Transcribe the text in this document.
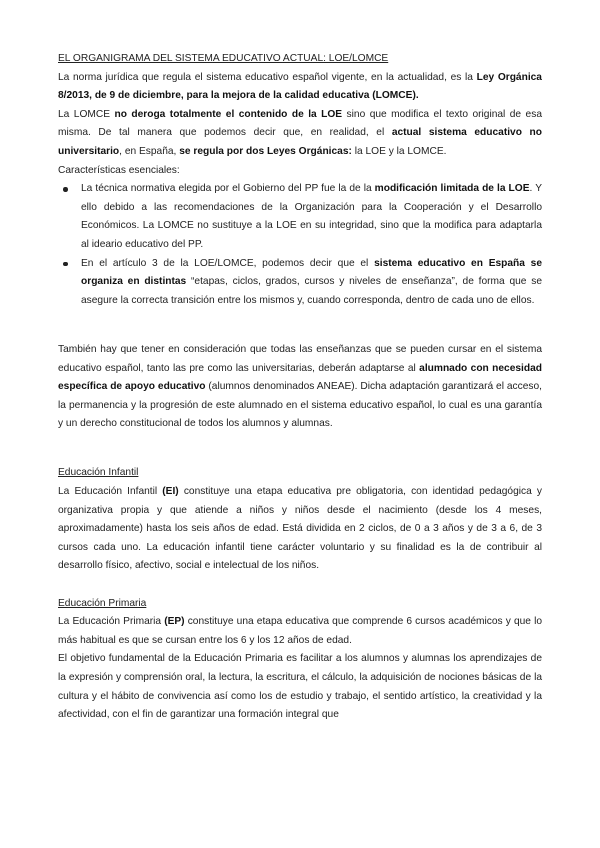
EL ORGANIGRAMA DEL SISTEMA EDUCATIVO ACTUAL: LOE/LOMCE

La norma jurídica que regula el sistema educativo español vigente, en la actualidad, es la Ley Orgánica 8/2013, de 9 de diciembre, para la mejora de la calidad educativa (LOMCE).

La LOMCE no deroga totalmente el contenido de la LOE sino que modifica el texto original de esa misma. De tal manera que podemos decir que, en realidad, el actual sistema educativo no universitario, en España, se regula por dos Leyes Orgánicas: la LOE y la LOMCE.

Características esenciales:

La técnica normativa elegida por el Gobierno del PP fue la de la modificación limitada de la LOE. Y ello debido a las recomendaciones de la Organización para la Cooperación y el Desarrollo Económicos. La LOMCE no sustituye a la LOE en su integridad, sino que la modifica para adaptarla al ideario educativo del PP.
En el artículo 3 de la LOE/LOMCE, podemos decir que el sistema educativo en España se organiza en distintas “etapas, ciclos, grados, cursos y niveles de enseñanza”, de forma que se asegure la correcta transición entre los mismos y, cuando corresponda, dentro de cada uno de ellos.

También hay que tener en consideración que todas las enseñanzas que se pueden cursar en el sistema educativo español, tanto las pre como las universitarias, deberán adaptarse al alumnado con necesidad específica de apoyo educativo (alumnos denominados ANEAE). Dicha adaptación garantizará el acceso, la permanencia y la progresión de este alumnado en el sistema educativo español, lo cual es una garantía y un derecho constitucional de todos los alumnos y alumnas.

Educación Infantil

La Educación Infantil (EI) constituye una etapa educativa pre obligatoria, con identidad pedagógica y organizativa propia y que atiende a niños y niños desde el nacimiento (desde los 4 meses, aproximadamente) hasta los seis años de edad. Está dividida en 2 ciclos, de 0 a 3 años y de 3 a 6, de 3 cursos cada uno. La educación infantil tiene carácter voluntario y su finalidad es la de contribuir al desarrollo físico, afectivo, social e intelectual de los niños.

Educación Primaria

La Educación Primaria (EP) constituye una etapa educativa que comprende 6 cursos académicos y que lo más habitual es que se cursan entre los 6 y los 12 años de edad.

El objetivo fundamental de la Educación Primaria es facilitar a los alumnos y alumnas los aprendizajes de la expresión y comprensión oral, la lectura, la escritura, el cálculo, la adquisición de nociones básicas de la cultura y el hábito de convivencia así como los de estudio y trabajo, el sentido artístico, la creatividad y la afectividad, con el fin de garantizar una formación integral que
